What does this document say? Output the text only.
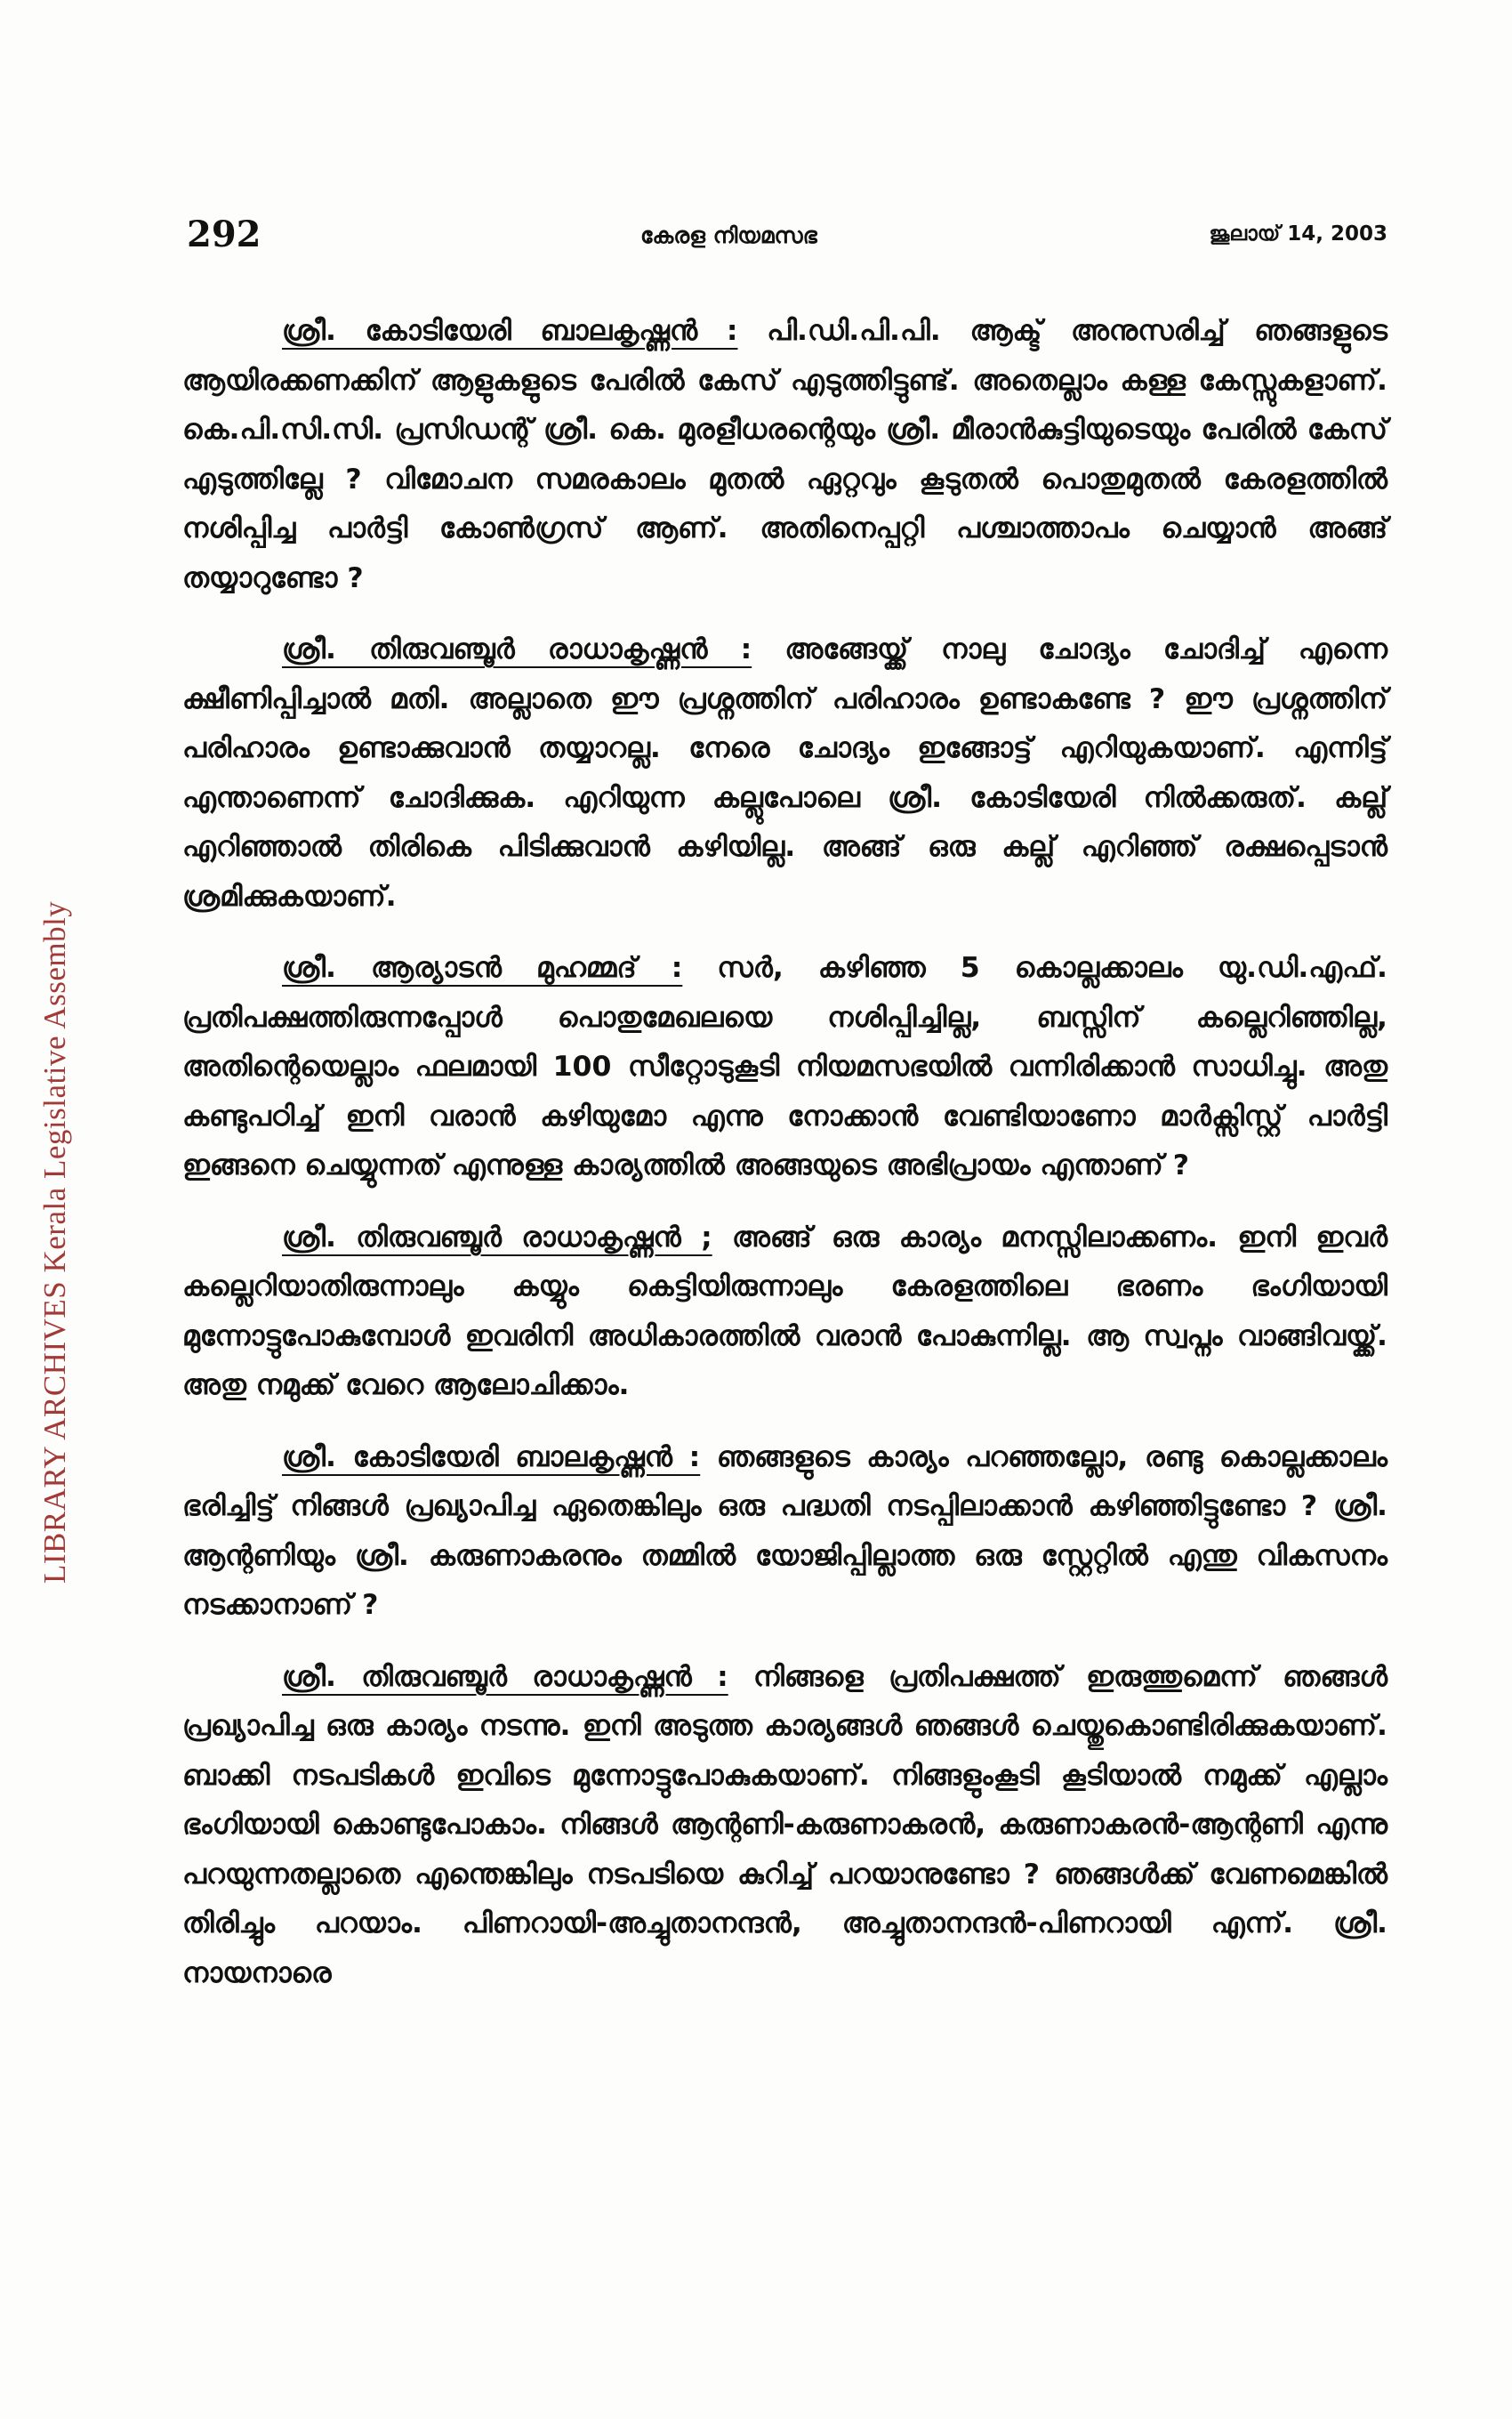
LIBRARY ARCHIVES Kerala Legislative Assembly
292	കേരള നിയമസഭ	ജൂലായ് 14, 2003

ശ്രീ. കോടിയേരി ബാലകൃഷ്ണൻ : പി.ഡി.പി.പി. ആക്ട് അനുസരിച്ച് ഞങ്ങളുടെ ആയിരക്കണക്കിന് ആളുകളുടെ പേരിൽ കേസ് എടുത്തിട്ടുണ്ട്. അതെല്ലാം കള്ള കേസ്സുകളാണ്. കെ.പി.സി.സി. പ്രസിഡന്റ് ശ്രീ. കെ. മുരളീധരന്റെയും ശ്രീ. മീരാൻകുട്ടിയുടെയും പേരിൽ കേസ് എടുത്തില്ലേ ? വിമോചന സമരകാലം മുതൽ ഏറ്റവും കൂടുതൽ പൊതുമുതൽ കേരളത്തിൽ നശിപ്പിച്ച പാർട്ടി കോൺഗ്രസ് ആണ്. അതിനെപ്പറ്റി പശ്ചാത്താപം ചെയ്യാൻ അങ്ങ് തയ്യാറുണ്ടോ ?

ശ്രീ. തിരുവഞ്ചൂർ രാധാകൃഷ്ണൻ : അങ്ങേയ്ക്ക് നാലു ചോദ്യം ചോദിച്ച് എന്നെ ക്ഷീണിപ്പിച്ചാൽ മതി. അല്ലാതെ ഈ പ്രശ്നത്തിന് പരിഹാരം ഉണ്ടാകണ്ടേ ? ഈ പ്രശ്നത്തിന് പരിഹാരം ഉണ്ടാക്കുവാൻ തയ്യാറല്ല. നേരെ ചോദ്യം ഇങ്ങോട്ട് എറിയുകയാണ്. എന്നിട്ട് എന്താണെന്ന് ചോദിക്കുക. എറിയുന്ന കല്ലുപോലെ ശ്രീ. കോടിയേരി നിൽക്കരുത്. കല്ല് എറിഞ്ഞാൽ തിരികെ പിടിക്കുവാൻ കഴിയില്ല. അങ്ങ് ഒരു കല്ല് എറിഞ്ഞ് രക്ഷപ്പെടാൻ ശ്രമിക്കുകയാണ്.

ശ്രീ. ആര്യാടൻ മുഹമ്മദ് : സർ, കഴിഞ്ഞ 5 കൊല്ലക്കാലം യു.ഡി.എഫ്. പ്രതിപക്ഷത്തിരുന്നപ്പോൾ പൊതുമേഖലയെ നശിപ്പിച്ചില്ല, ബസ്സിന് കല്ലെറിഞ്ഞില്ല, അതിന്റെയെല്ലാം ഫലമായി 100 സീറ്റോടുകൂടി നിയമസഭയിൽ വന്നിരിക്കാൻ സാധിച്ചു. അതു കണ്ടുപഠിച്ച് ഇനി വരാൻ കഴിയുമോ എന്നു നോക്കാൻ വേണ്ടിയാണോ മാർക്സിസ്റ്റ് പാർട്ടി ഇങ്ങനെ ചെയ്യുന്നത് എന്നുള്ള കാര്യത്തിൽ അങ്ങയുടെ അഭിപ്രായം എന്താണ് ?

ശ്രീ. തിരുവഞ്ചൂർ രാധാകൃഷ്ണൻ ; അങ്ങ് ഒരു കാര്യം മനസ്സിലാക്കണം. ഇനി ഇവർ കല്ലെറിയാതിരുന്നാലും കയ്യും കെട്ടിയിരുന്നാലും കേരളത്തിലെ ഭരണം ഭംഗിയായി മുന്നോട്ടുപോകുമ്പോൾ ഇവരിനി അധികാരത്തിൽ വരാൻ പോകുന്നില്ല. ആ സ്വപ്നം വാങ്ങിവയ്ക്ക്. അതു നമുക്ക് വേറെ ആലോചിക്കാം.

ശ്രീ. കോടിയേരി ബാലകൃഷ്ണൻ : ഞങ്ങളുടെ കാര്യം പറഞ്ഞല്ലോ, രണ്ടു കൊല്ലക്കാലം ഭരിച്ചിട്ട് നിങ്ങൾ പ്രഖ്യാപിച്ച ഏതെങ്കിലും ഒരു പദ്ധതി നടപ്പിലാക്കാൻ കഴിഞ്ഞിട്ടുണ്ടോ ? ശ്രീ. ആന്റണിയും ശ്രീ. കരുണാകരനും തമ്മിൽ യോജിപ്പില്ലാത്ത ഒരു സ്റ്റേറ്റിൽ എന്തു വികസനം നടക്കാനാണ് ?

ശ്രീ. തിരുവഞ്ചൂർ രാധാകൃഷ്ണൻ : നിങ്ങളെ പ്രതിപക്ഷത്ത് ഇരുത്തുമെന്ന് ഞങ്ങൾ പ്രഖ്യാപിച്ച ഒരു കാര്യം നടന്നു. ഇനി അടുത്ത കാര്യങ്ങൾ ഞങ്ങൾ ചെയ്തുകൊണ്ടിരിക്കുകയാണ്. ബാക്കി നടപടികൾ ഇവിടെ മുന്നോട്ടുപോകുകയാണ്. നിങ്ങളുംകൂടി കൂടിയാൽ നമുക്ക് എല്ലാം ഭംഗിയായി കൊണ്ടുപോകാം. നിങ്ങൾ ആന്റണി-കരുണാകരൻ, കരുണാകരൻ-ആന്റണി എന്നു പറയുന്നതല്ലാതെ എന്തെങ്കിലും നടപടിയെ കുറിച്ച് പറയാനുണ്ടോ ? ഞങ്ങൾക്ക് വേണമെങ്കിൽ തിരിച്ചും പറയാം. പിണറായി-അച്ചുതാനന്ദൻ, അച്ചുതാനന്ദൻ-പിണറായി എന്ന്. ശ്രീ. നായനാരെ
